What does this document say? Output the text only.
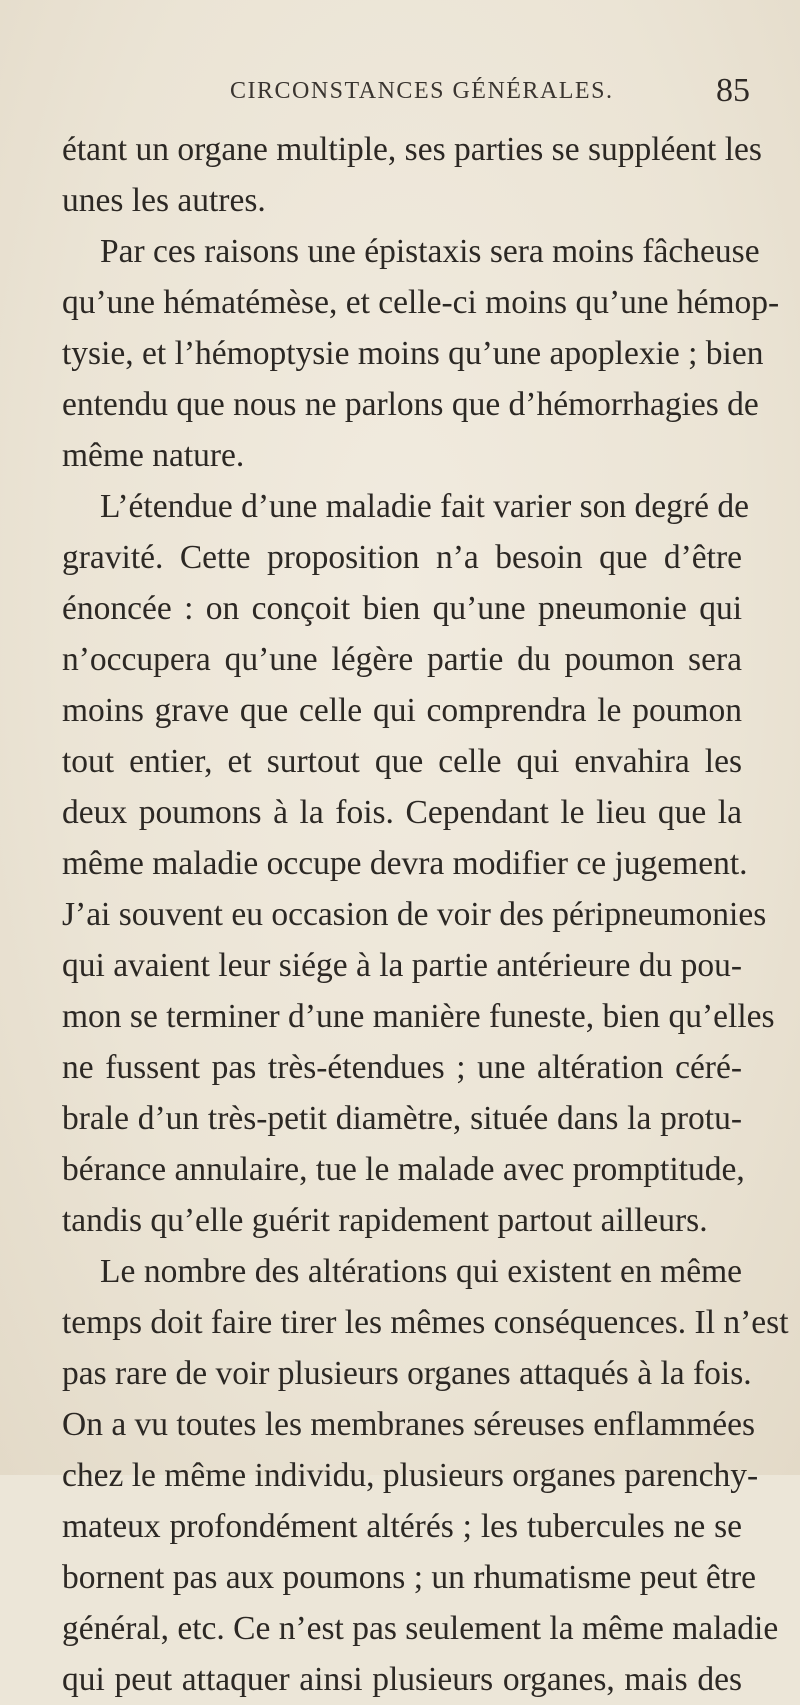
CIRCONSTANCES GÉNÉRALES.	85
étant un organe multiple, ses parties se suppléent les
unes les autres.
Par ces raisons une épistaxis sera moins fâcheuse
qu’une hématémèse, et celle-ci moins qu’une hémop-
tysie, et l’hémoptysie moins qu’une apoplexie ; bien
entendu que nous ne parlons que d’hémorrhagies de
même nature.
L’étendue d’une maladie fait varier son degré de
gravité. Cette proposition n’a besoin que d’être
énoncée : on conçoit bien qu’une pneumonie qui
n’occupera qu’une légère partie du poumon sera
moins grave que celle qui comprendra le poumon
tout entier, et surtout que celle qui envahira les
deux poumons à la fois. Cependant le lieu que la
même maladie occupe devra modifier ce jugement.
J’ai souvent eu occasion de voir des péripneumonies
qui avaient leur siége à la partie antérieure du pou-
mon se terminer d’une manière funeste, bien qu’elles
ne fussent pas très-étendues ; une altération céré-
brale d’un très-petit diamètre, située dans la protu-
bérance annulaire, tue le malade avec promptitude,
tandis qu’elle guérit rapidement partout ailleurs.
Le nombre des altérations qui existent en même
temps doit faire tirer les mêmes conséquences. Il n’est
pas rare de voir plusieurs organes attaqués à la fois.
On a vu toutes les membranes séreuses enflammées
chez le même individu, plusieurs organes parenchy-
mateux profondément altérés ; les tubercules ne se
bornent pas aux poumons ; un rhumatisme peut être
général, etc. Ce n’est pas seulement la même maladie
qui peut attaquer ainsi plusieurs organes, mais des
